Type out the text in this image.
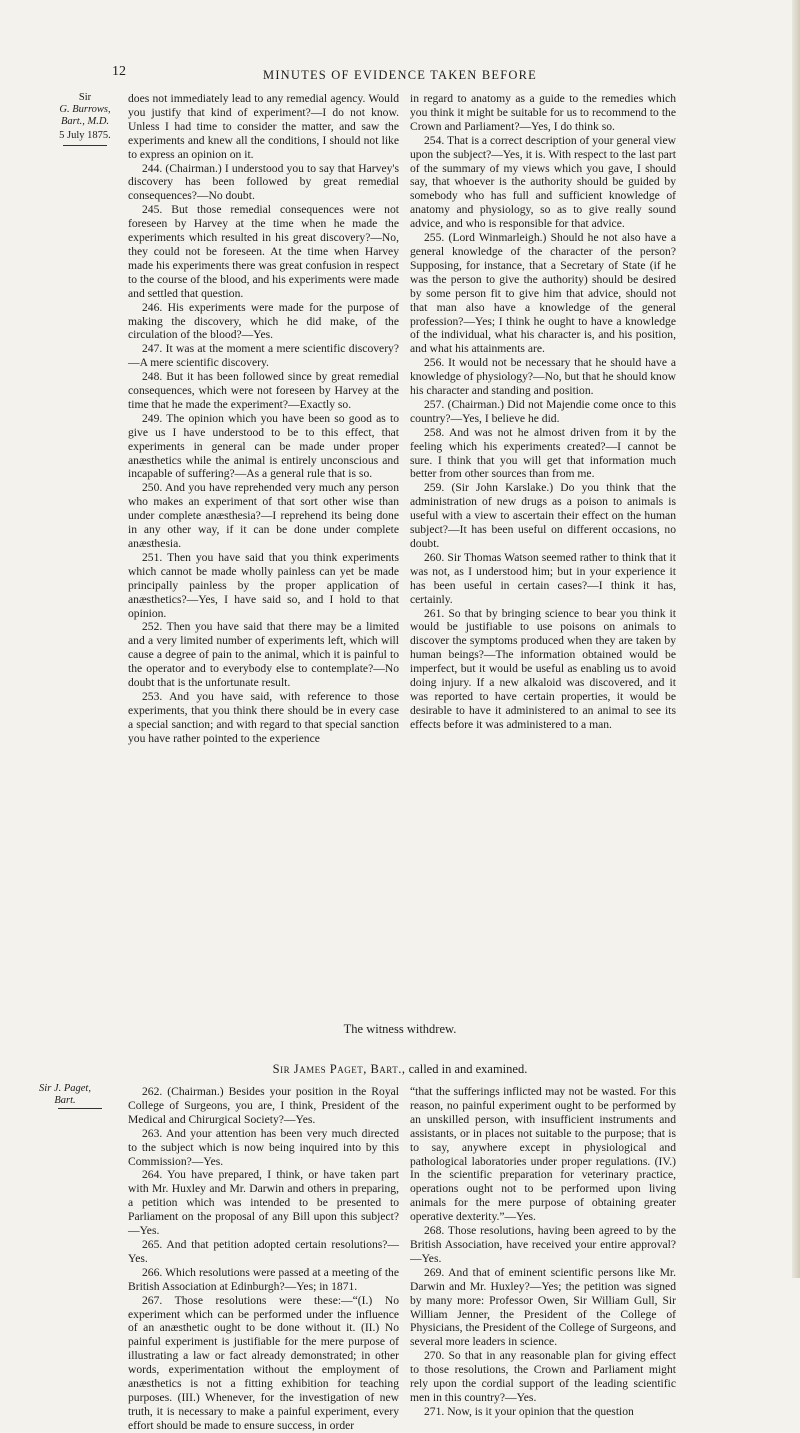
12	MINUTES OF EVIDENCE TAKEN BEFORE
Sir
G. Burrows,
Bart., M.D.
5 July 1875.
Sir J. Paget,
Bart.

does not immediately lead to any remedial agency. Would you justify that kind of experiment?—I do not know. Unless I had time to consider the matter, and saw the experiments and knew all the conditions, I should not like to express an opinion on it.

244. (Chairman.) I understood you to say that Harvey's discovery has been followed by great remedial consequences?—No doubt.

245. But those remedial consequences were not foreseen by Harvey at the time when he made the experiments which resulted in his great discovery?—No, they could not be foreseen. At the time when Harvey made his experiments there was great confusion in respect to the course of the blood, and his experiments were made and settled that question.

246. His experiments were made for the purpose of making the discovery, which he did make, of the circulation of the blood?—Yes.

247. It was at the moment a mere scientific discovery?—A mere scientific discovery.

248. But it has been followed since by great remedial consequences, which were not foreseen by Harvey at the time that he made the experiment?—Exactly so.

249. The opinion which you have been so good as to give us I have understood to be to this effect, that experiments in general can be made under proper anæsthetics while the animal is entirely unconscious and incapable of suffering?—As a general rule that is so.

250. And you have reprehended very much any person who makes an experiment of that sort other wise than under complete anæsthesia?—I reprehend its being done in any other way, if it can be done under complete anæsthesia.

251. Then you have said that you think experiments which cannot be made wholly painless can yet be made principally painless by the proper application of anæsthetics?—Yes, I have said so, and I hold to that opinion.

252. Then you have said that there may be a limited and a very limited number of experiments left, which will cause a degree of pain to the animal, which it is painful to the operator and to everybody else to contemplate?—No doubt that is the unfortunate result.

253. And you have said, with reference to those experiments, that you think there should be in every case a special sanction; and with regard to that special sanction you have rather pointed to the experience

in regard to anatomy as a guide to the remedies which you think it might be suitable for us to recommend to the Crown and Parliament?—Yes, I do think so.

254. That is a correct description of your general view upon the subject?—Yes, it is. With respect to the last part of the summary of my views which you gave, I should say, that whoever is the authority should be guided by somebody who has full and sufficient knowledge of anatomy and physiology, so as to give really sound advice, and who is responsible for that advice.

255. (Lord Winmarleigh.) Should he not also have a general knowledge of the character of the person? Supposing, for instance, that a Secretary of State (if he was the person to give the authority) should be desired by some person fit to give him that advice, should not that man also have a knowledge of the general profession?—Yes; I think he ought to have a knowledge of the individual, what his character is, and his position, and what his attainments are.

256. It would not be necessary that he should have a knowledge of physiology?—No, but that he should know his character and standing and position.

257. (Chairman.) Did not Majendie come once to this country?—Yes, I believe he did.

258. And was not he almost driven from it by the feeling which his experiments created?—I cannot be sure. I think that you will get that information much better from other sources than from me.

259. (Sir John Karslake.) Do you think that the administration of new drugs as a poison to animals is useful with a view to ascertain their effect on the human subject?—It has been useful on different occasions, no doubt.

260. Sir Thomas Watson seemed rather to think that it was not, as I understood him; but in your experience it has been useful in certain cases?—I think it has, certainly.

261. So that by bringing science to bear you think it would be justifiable to use poisons on animals to discover the symptoms produced when they are taken by human beings?—The information obtained would be imperfect, but it would be useful as enabling us to avoid doing injury. If a new alkaloid was discovered, and it was reported to have certain properties, it would be desirable to have it administered to an animal to see its effects before it was administered to a man.

The witness withdrew.
Sir James Paget, Bart., called in and examined.

262. (Chairman.) Besides your position in the Royal College of Surgeons, you are, I think, President of the Medical and Chirurgical Society?—Yes.

263. And your attention has been very much directed to the subject which is now being inquired into by this Commission?—Yes.

264. You have prepared, I think, or have taken part with Mr. Huxley and Mr. Darwin and others in preparing, a petition which was intended to be presented to Parliament on the proposal of any Bill upon this subject?—Yes.

265. And that petition adopted certain resolutions?—Yes.

266. Which resolutions were passed at a meeting of the British Association at Edinburgh?—Yes; in 1871.

267. Those resolutions were these:—“(I.) No experiment which can be performed under the influence of an anæsthetic ought to be done without it. (II.) No painful experiment is justifiable for the mere purpose of illustrating a law or fact already demonstrated; in other words, experimentation without the employment of anæsthetics is not a fitting exhibition for teaching purposes. (III.) Whenever, for the investigation of new truth, it is necessary to make a painful experiment, every effort should be made to ensure success, in order

“that the sufferings inflicted may not be wasted. For this reason, no painful experiment ought to be performed by an unskilled person, with insufficient instruments and assistants, or in places not suitable to the purpose; that is to say, anywhere except in physiological and pathological laboratories under proper regulations. (IV.) In the scientific preparation for veterinary practice, operations ought not to be performed upon living animals for the mere purpose of obtaining greater operative dexterity.”—Yes.

268. Those resolutions, having been agreed to by the British Association, have received your entire approval?—Yes.

269. And that of eminent scientific persons like Mr. Darwin and Mr. Huxley?—Yes; the petition was signed by many more: Professor Owen, Sir William Gull, Sir William Jenner, the President of the College of Physicians, the President of the College of Surgeons, and several more leaders in science.

270. So that in any reasonable plan for giving effect to those resolutions, the Crown and Parliament might rely upon the cordial support of the leading scientific men in this country?—Yes.

271. Now, is it your opinion that the question
